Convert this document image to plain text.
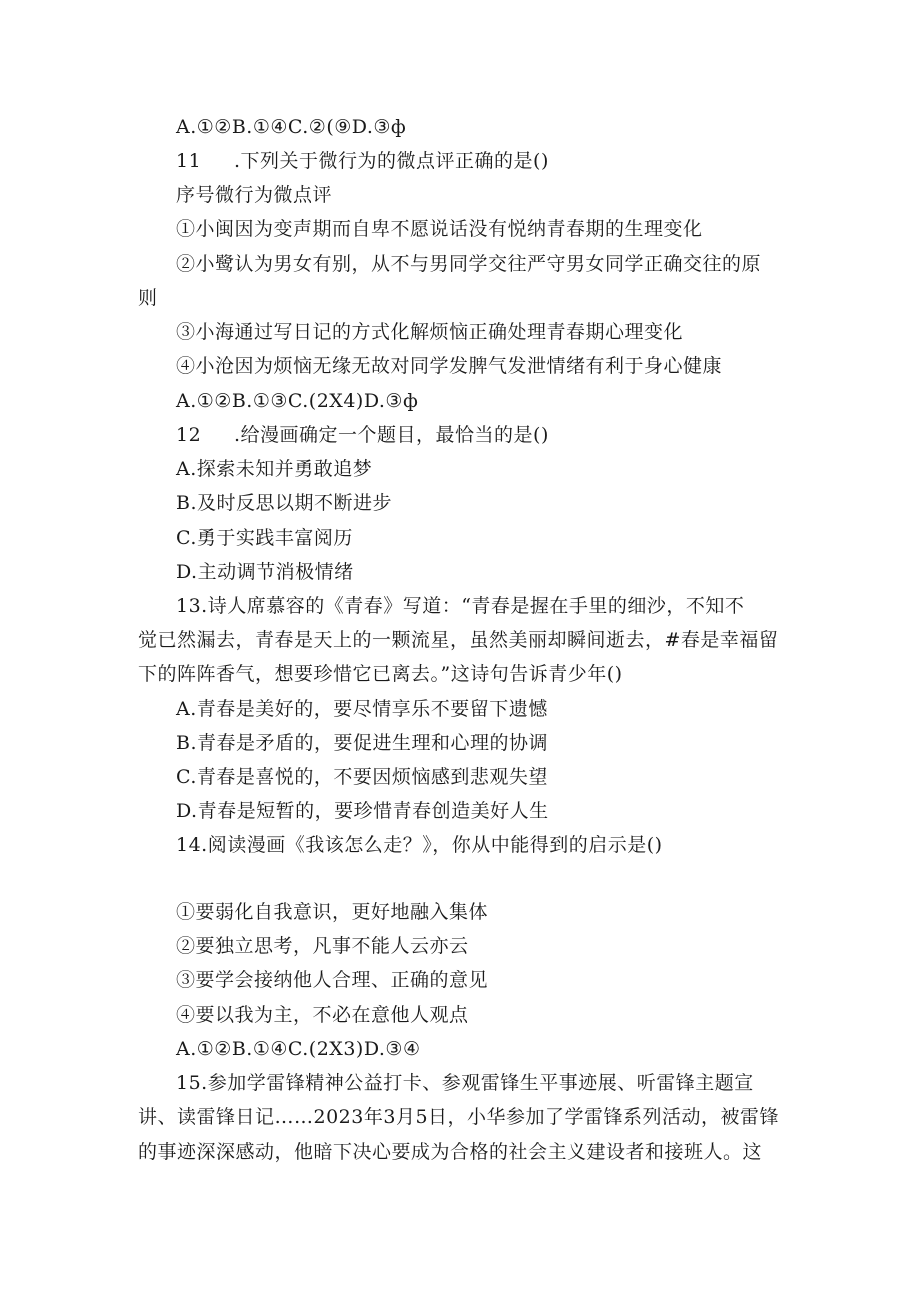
A.①②B.①④C.②(⑨D.③ф
11 .下列关于微行为的微点评正确的是()
序号微行为微点评
①小闽因为变声期而自卑不愿说话没有悦纳青春期的生理变化
②小鹭认为男女有别，从不与男同学交往严守男女同学正确交往的原
则
③小海通过写日记的方式化解烦恼正确处理青春期心理变化
④小沧因为烦恼无缘无故对同学发脾气发泄情绪有利于身心健康
A.①②B.①③C.(2X4)D.③ф
12 .给漫画确定一个题目，最恰当的是()
A.探索未知并勇敢追梦
B.及时反思以期不断进步
C.勇于实践丰富阅历
D.主动调节消极情绪
13.诗人席慕容的《青春》写道：“青春是握在手里的细沙，不知不
觉已然漏去，青春是天上的一颗流星，虽然美丽却瞬间逝去，#春是幸福留
下的阵阵香气，想要珍惜它已离去。”这诗句告诉青少年()
A.青春是美好的，要尽情享乐不要留下遗憾
B.青春是矛盾的，要促进生理和心理的协调
C.青春是喜悦的，不要因烦恼感到悲观失望
D.青春是短暂的，要珍惜青春创造美好人生
14.阅读漫画《我该怎么走？》，你从中能得到的启示是()
①要弱化自我意识，更好地融入集体
②要独立思考，凡事不能人云亦云
③要学会接纳他人合理、正确的意见
④要以我为主，不必在意他人观点
A.①②B.①④C.(2X3)D.③④
15.参加学雷锋精神公益打卡、参观雷锋生平事迹展、听雷锋主题宣
讲、读雷锋日记……2023年3月5日，小华参加了学雷锋系列活动，被雷锋
的事迹深深感动，他暗下决心要成为合格的社会主义建设者和接班人。这
